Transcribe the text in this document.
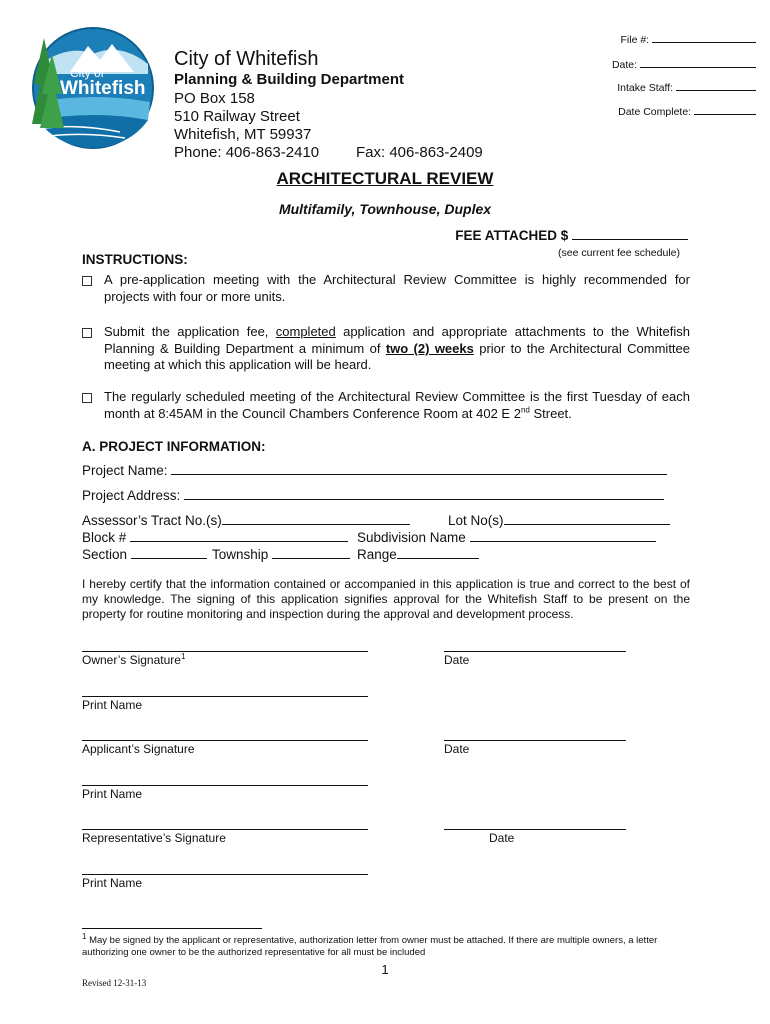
City of
Whitefish
City of Whitefish
Planning & Building Department
PO Box 158
510 Railway Street
Whitefish, MT 59937
Phone: 406-863-2410 Fax: 406-863-2409
File #:
Date:
Intake Staff:
Date Complete:
ARCHITECTURAL REVIEW
Multifamily, Townhouse, Duplex
FEE ATTACHED $
(see current fee schedule)
INSTRUCTIONS:
A pre-application meeting with the Architectural Review Committee is highly recommended for projects with four or more units.
Submit the application fee, completed application and appropriate attachments to the Whitefish Planning & Building Department a minimum of two (2) weeks prior to the Architectural Committee meeting at which this application will be heard.
The regularly scheduled meeting of the Architectural Review Committee is the first Tuesday of each month at 8:45AM in the Council Chambers Conference Room at 402 E 2nd Street.
A. PROJECT INFORMATION:
Project Name:
Project Address:
Assessor’s Tract No.(s)	Lot No(s)
Block #	Subdivision Name
Section	Township	Range
I hereby certify that the information contained or accompanied in this application is true and correct to the best of my knowledge. The signing of this application signifies approval for the Whitefish Staff to be present on the property for routine monitoring and inspection during the approval and development process.
Owner’s Signature$^1$	Date
Print Name
Applicant’s Signature	Date
Print Name
Representative’s Signature	Date
Print Name
$^1$ May be signed by the applicant or representative, authorization letter from owner must be attached. If there are multiple owners, a letter authorizing one owner to be the authorized representative for all must be included
1
Revised 12-31-13
